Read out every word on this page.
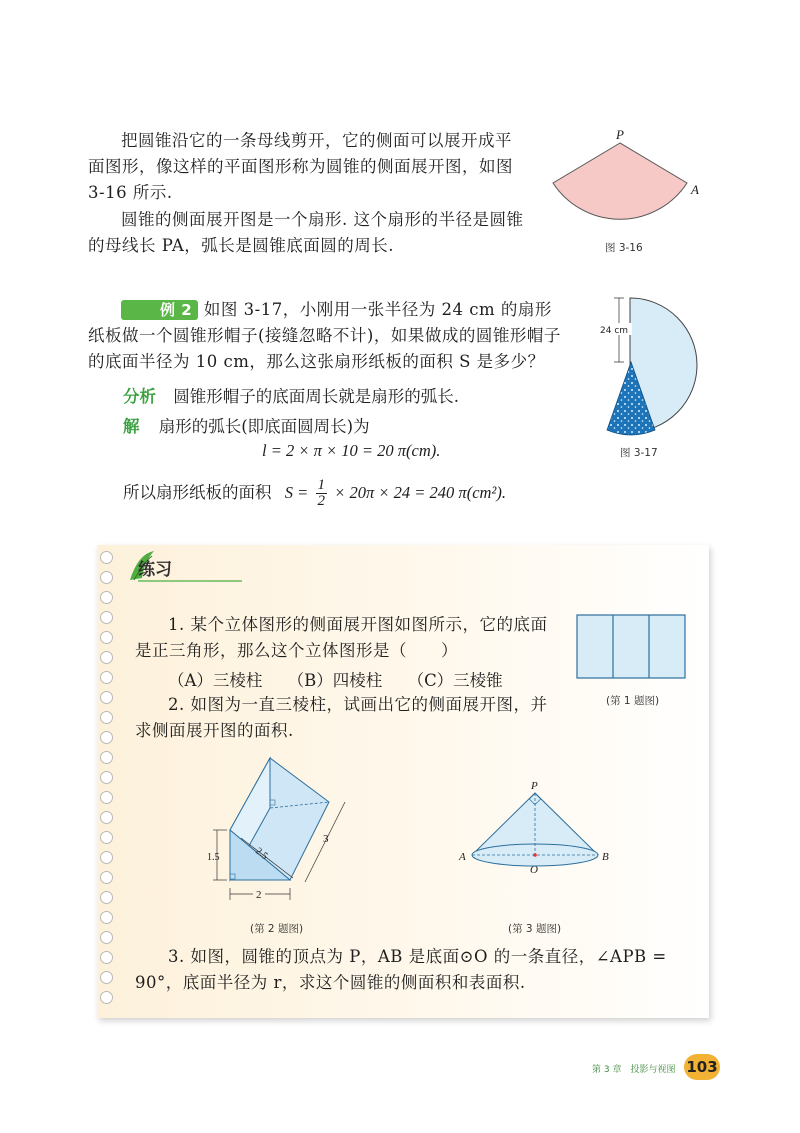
把圆锥沿它的一条母线剪开，它的侧面可以展开成平面图形，像这样的平面图形称为圆锥的侧面展开图，如图 3-16 所示.
圆锥的侧面展开图是一个扇形. 这个扇形的半径是圆锥的母线长 PA，弧长是圆锥底面圆的周长.
P
A
图 3-16
例 2 如图 3-17，小刚用一张半径为 24 cm 的扇形纸板做一个圆锥形帽子(接缝忽略不计)，如果做成的圆锥形帽子的底面半径为 10 cm，那么这张扇形纸板的面积 S 是多少？
分析 圆锥形帽子的底面周长就是扇形的弧长.
解 扇形的弧长(即底面圆周长)为
l = 2 × π × 10 = 20 π(cm).
所以扇形纸板的面积 $S = \frac{1}{2} \times 20\pi \times 24 = 240$ π(cm²).
24 cm
图 3-17
练习
1. 某个立体图形的侧面展开图如图所示，它的底面是正三角形，那么这个立体图形是（　　）
（A）三棱柱 （B）四棱柱 （C）三棱锥
(第 1 题图)
2. 如图为一直三棱柱，试画出它的侧面展开图，并求侧面展开图的面积.
1.5
2
2.5
3
(第 2 题图)
P
A	B
O
(第 3 题图)
3. 如图，圆锥的顶点为 P，AB 是底面⊙O 的一条直径，∠APB = 90°，底面半径为 r，求这个圆锥的侧面积和表面积.
第 3 章　投影与视图 103
